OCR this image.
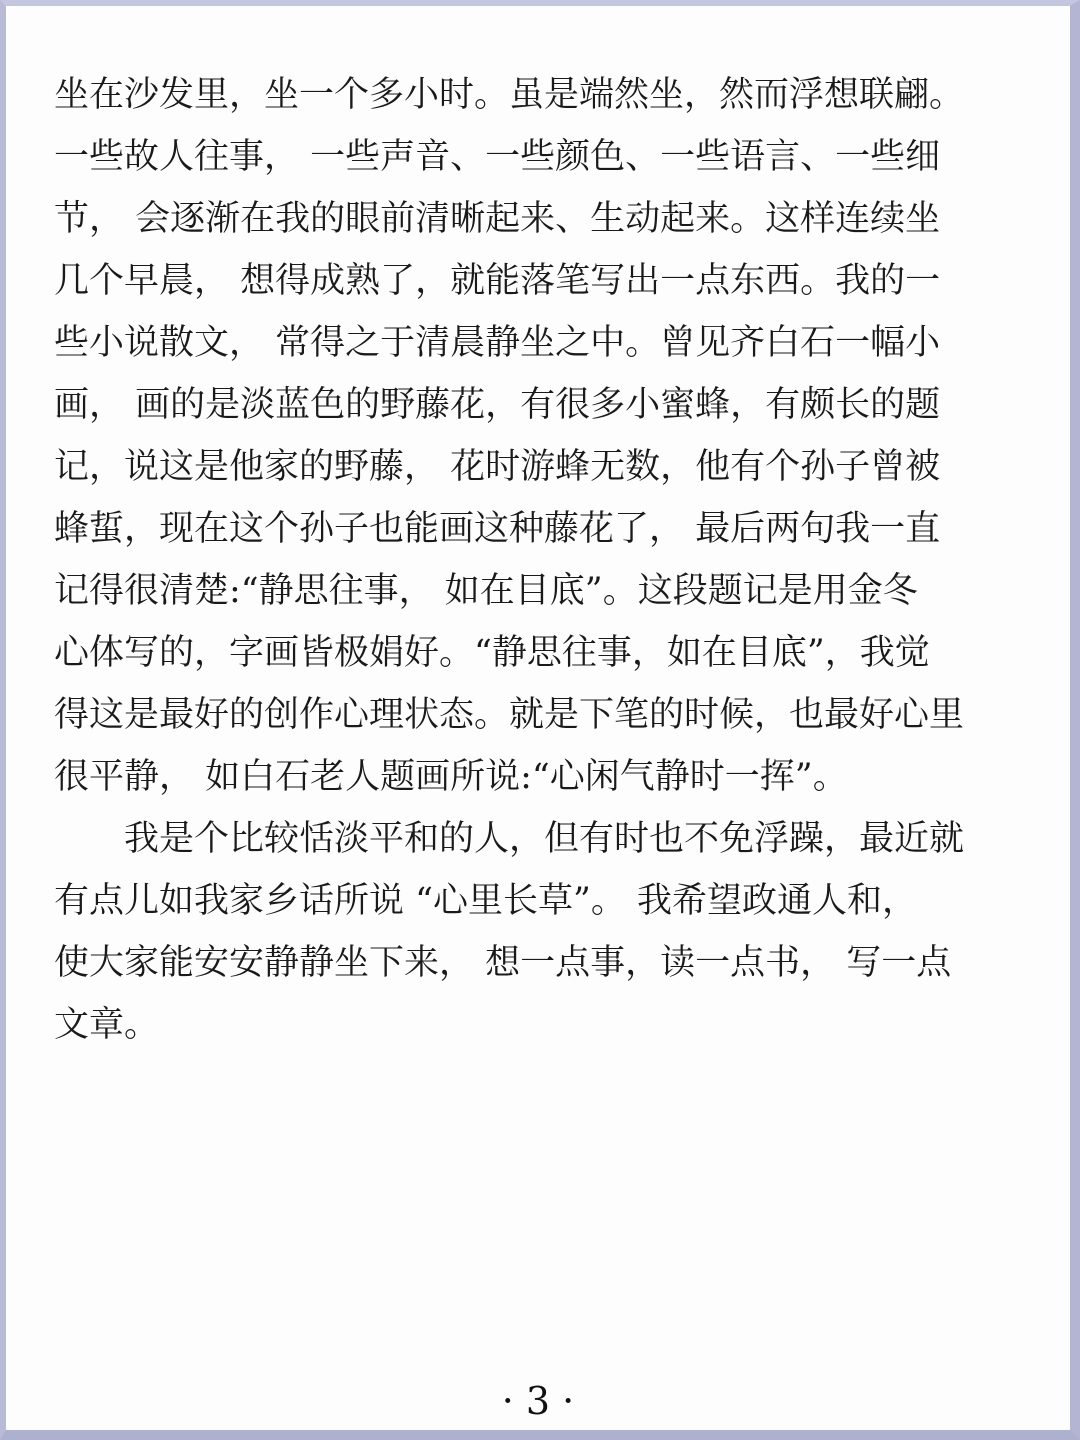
坐在沙发里，坐一个多小时。虽是端然坐，然而浮想联翩。
一些故人往事， 一些声音、一些颜色、一些语言、一些细
节， 会逐渐在我的眼前清晰起来、生动起来。这样连续坐
几个早晨， 想得成熟了，就能落笔写出一点东西。我的一
些小说散文， 常得之于清晨静坐之中。曾见齐白石一幅小
画， 画的是淡蓝色的野藤花，有很多小蜜蜂，有颇长的题
记，说这是他家的野藤， 花时游蜂无数，他有个孙子曾被
蜂蜇，现在这个孙子也能画这种藤花了， 最后两句我一直
记得很清楚:“静思往事， 如在目底”。这段题记是用金冬
心体写的，字画皆极娟好。“静思往事，如在目底”，我觉
得这是最好的创作心理状态。就是下笔的时候，也最好心里
很平静， 如白石老人题画所说:“心闲气静时一挥”。
　　我是个比较恬淡平和的人，但有时也不免浮躁，最近就
有点儿如我家乡话所说 “心里长草”。 我希望政通人和，
使大家能安安静静坐下来， 想一点事，读一点书， 写一点
文章。
· 3 ·
